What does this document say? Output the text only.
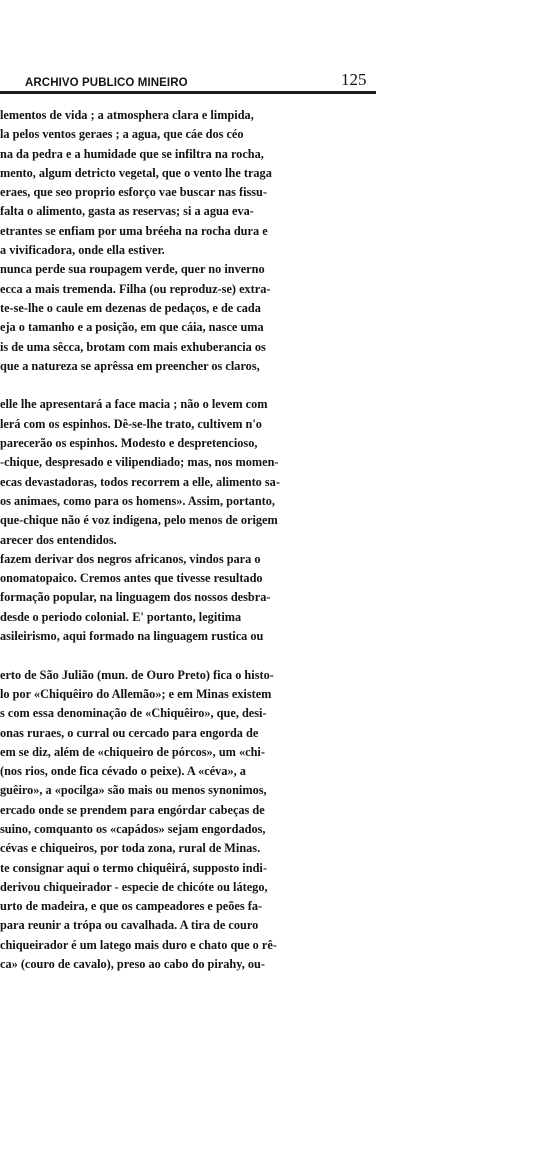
ARCHIVO PUBLICO MINEIRO	125
lementos de vida ; a atmosphera clara e limpida,
la pelos ventos geraes ; a agua, que cáe dos céo
na da pedra e a humidade que se infiltra na rocha,
mento, algum detricto vegetal, que o vento lhe traga
eraes, que seo proprio esforço vae buscar nas fissu-
falta o alimento, gasta as reservas; si a agua eva-
etrantes se enfiam por uma bréeha na rocha dura e
a vivificadora, onde ella estiver.
nunca perde sua roupagem verde, quer no inverno
ecca a mais tremenda. Filha (ou reproduz-se) extra-
te-se-lhe o caule em dezenas de pedaços, e de cada
eja o tamanho e a posição, em que cáia, nasce uma
is de uma sêcca, brotam com mais exhuberancia os
que a natureza se aprêssa em preencher os claros,
elle lhe apresentará a face macia ; não o levem com
lerá com os espinhos. Dê-se-lhe trato, cultivem n'o
parecerão os espinhos. Modesto e despretencioso,
-chique, despresado e vilipendiado; mas, nos momen-
ecas devastadoras, todos recorrem a elle, alimento sa-
os animaes, como para os homens». Assim, portanto,
que-chique não é voz indigena, pelo menos de origem
arecer dos entendidos.
fazem derivar dos negros africanos, vindos para o
onomatopaico. Cremos antes que tivesse resultado
formação popular, na linguagem dos nossos desbra-
desde o periodo colonial. E' portanto, legitima
asileirismo, aqui formado na linguagem rustica ou
erto de São Julião (mun. de Ouro Preto) fica o histo-
lo por «Chiquêiro do Allemão»; e em Minas existem
s com essa denominação de «Chiquêiro», que, desi-
onas ruraes, o curral ou cercado para engorda de
em se diz, além de «chiqueiro de pórcos», um «chi-
(nos rios, onde fica cévado o peixe). A «céva», a
guêiro», a «pocilga» são mais ou menos synonimos,
ercado onde se prendem para engórdar cabeças de
suino, comquanto os «capádos» sejam engordados,
cévas e chiqueiros, por toda zona, rural de Minas.
te consignar aqui o termo chiquêirá, supposto indi-
derivou chiqueirador - especie de chicóte ou látego,
urto de madeira, e que os campeadores e peões fa-
para reunir a trópa ou cavalhada. A tira de couro
chiqueirador é um latego mais duro e chato que o rê-
ca» (couro de cavalo), preso ao cabo do pirahy, ou-
